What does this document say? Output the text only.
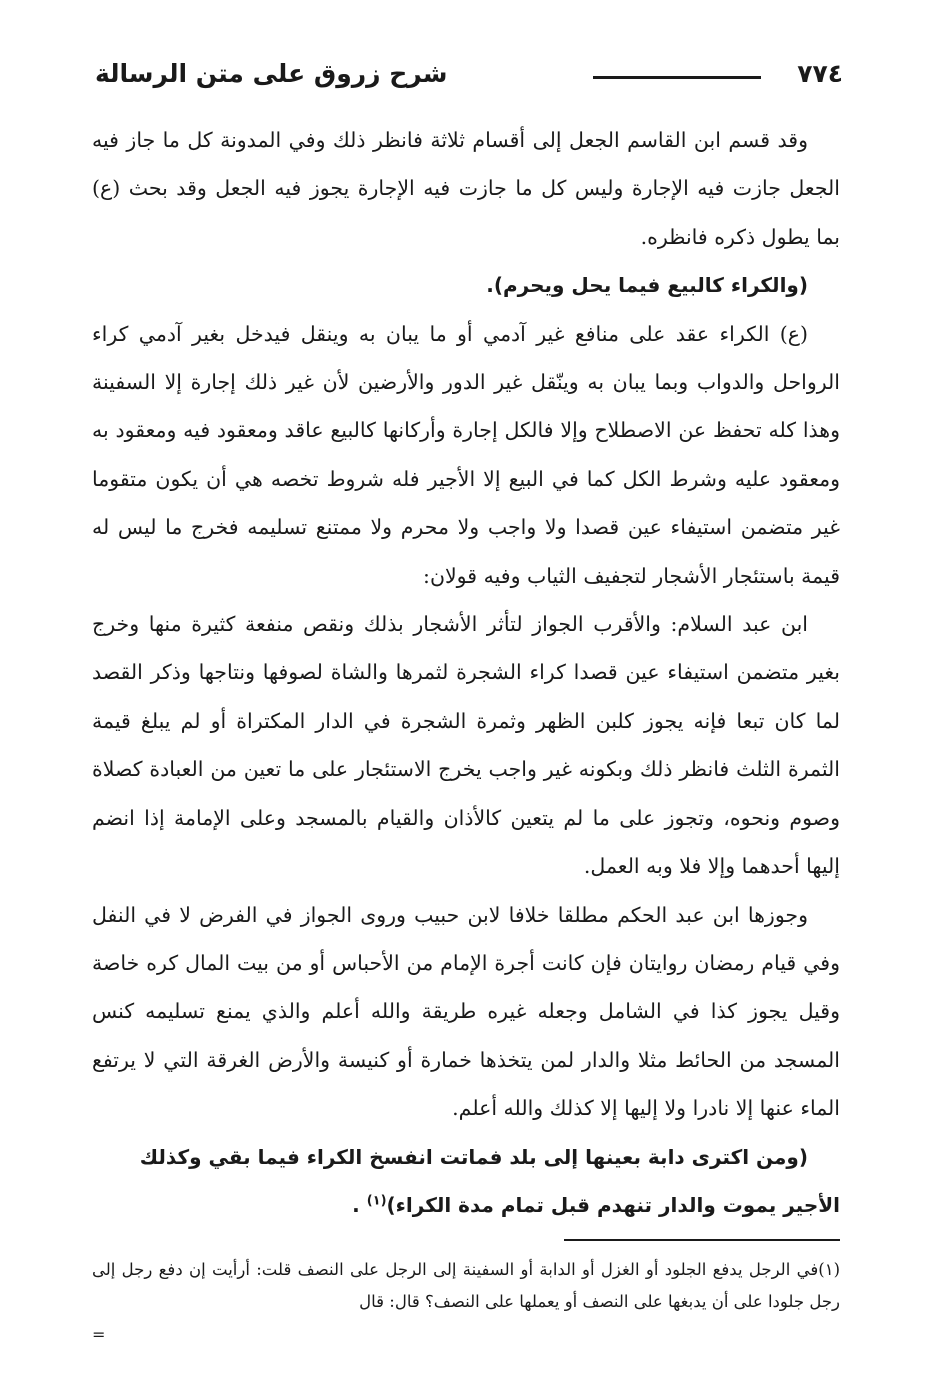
٧٧٤
شرح زروق على متن الرسالة

وقد قسم ابن القاسم الجعل إلى أقسام ثلاثة فانظر ذلك وفي المدونة كل ما جاز فيه الجعل جازت فيه الإجارة وليس كل ما جازت فيه الإجارة يجوز فيه الجعل وقد بحث (ع) بما يطول ذكره فانظره.

(والكراء كالبيع فيما يحل ويحرم).

(ع) الكراء عقد على منافع غير آدمي أو ما يبان به وينقل فيدخل بغير آدمي كراء الرواحل والدواب وبما يبان به وينّقل غير الدور والأرضين لأن غير ذلك إجارة إلا السفينة وهذا كله تحفظ عن الاصطلاح وإلا فالكل إجارة وأركانها كالبيع عاقد ومعقود فيه ومعقود به ومعقود عليه وشرط الكل كما في البيع إلا الأجير فله شروط تخصه هي أن يكون متقوما غير متضمن استيفاء عين قصدا ولا واجب ولا محرم ولا ممتنع تسليمه فخرج ما ليس له قيمة باستئجار الأشجار لتجفيف الثياب وفيه قولان:

ابن عبد السلام: والأقرب الجواز لتأثر الأشجار بذلك ونقص منفعة كثيرة منها وخرج بغير متضمن استيفاء عين قصدا كراء الشجرة لثمرها والشاة لصوفها ونتاجها وذكر القصد لما كان تبعا فإنه يجوز كلبن الظهر وثمرة الشجرة في الدار المكتراة أو لم يبلغ قيمة الثمرة الثلث فانظر ذلك وبكونه غير واجب يخرج الاستئجار على ما تعين من العبادة كصلاة وصوم ونحوه، وتجوز على ما لم يتعين كالأذان والقيام بالمسجد وعلى الإمامة إذا انضم إليها أحدهما وإلا فلا وبه العمل.

وجوزها ابن عبد الحكم مطلقا خلافا لابن حبيب وروى الجواز في الفرض لا في النفل وفي قيام رمضان روايتان فإن كانت أجرة الإمام من الأحباس أو من بيت المال كره خاصة وقيل يجوز كذا في الشامل وجعله غيره طريقة والله أعلم والذي يمنع تسليمه كنس المسجد من الحائط مثلا والدار لمن يتخذها خمارة أو كنيسة والأرض الغرقة التي لا يرتفع الماء عنها إلا نادرا ولا إليها إلا كذلك والله أعلم.

(ومن اكترى دابة بعينها إلى بلد فماتت انفسخ الكراء فيما بقي وكذلك الأجير يموت والدار تنهدم قبل تمام مدة الكراء)$^{(١)}$ .

(١)في الرجل يدفع الجلود أو الغزل أو الدابة أو السفينة إلى الرجل على النصف قلت: أرأيت إن دفع رجل إلى رجل جلودا على أن يدبغها على النصف أو يعملها على النصف؟ قال: قال

=
